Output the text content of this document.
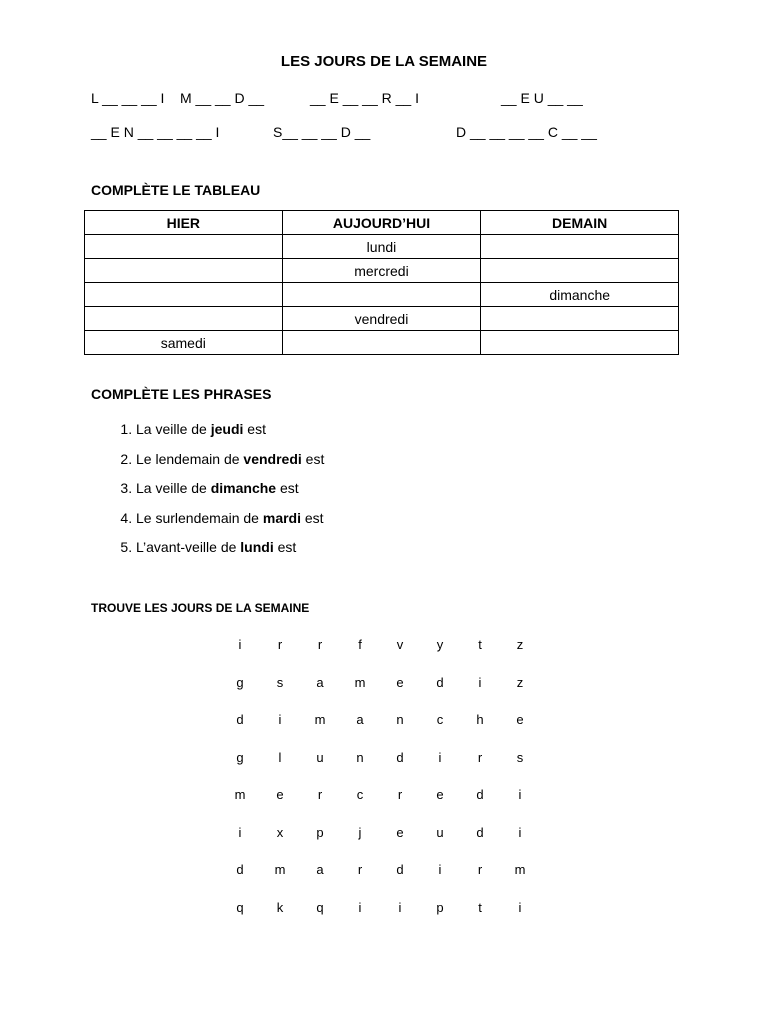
LES JOURS DE LA SEMAINE
L __ __ __ I    M __ __ D __	__ E __ __ R __ I	__ E U __ __
__ E N __ __ __ __ I	S__ __ __ D __	D __ __ __ __ C __ __
COMPLÈTE LE TABLEAU
HIER	AUJOURD’HUI	DEMAIN
	lundi	
	mercredi	
		dimanche
	vendredi	
samedi		
COMPLÈTE LES PHRASES
1. La veille de jeudi est
2. Le lendemain de vendredi est
3. La veille de dimanche est
4. Le surlendemain de mardi est
5. L’avant-veille de lundi est
TROUVE LES JOURS DE LA SEMAINE
i	r	r	f	v	y	t	z
g	s	a	m	e	d	i	z
d	i	m	a	n	c	h	e
g	l	u	n	d	i	r	s
m	e	r	c	r	e	d	i
i	x	p	j	e	u	d	i
d	m	a	r	d	i	r	m
q	k	q	i	i	p	t	i
